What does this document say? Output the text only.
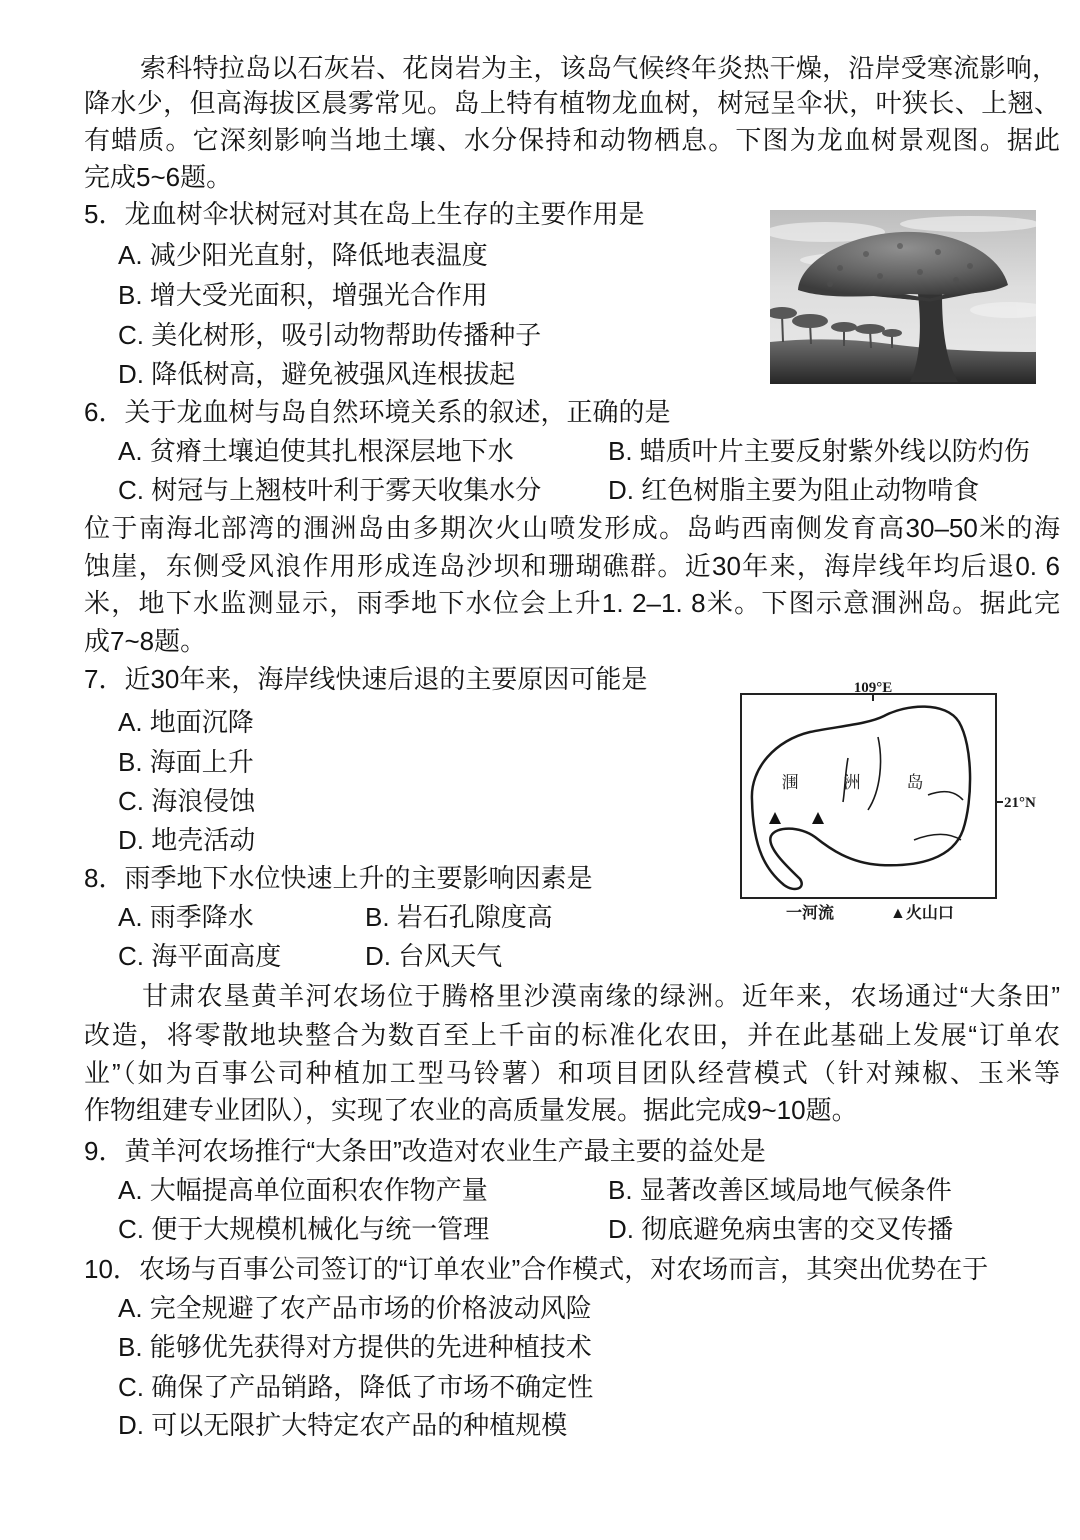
索科特拉岛以石灰岩、花岗岩为主，该岛气候终年炎热干燥，沿岸受寒流影响，
降水少，但高海拔区晨雾常见。岛上特有植物龙血树，树冠呈伞状，叶狭长、上翘、
有蜡质。它深刻影响当地土壤、水分保持和动物栖息。下图为龙血树景观图。据此
完成5~6题。
5．龙血树伞状树冠对其在岛上生存的主要作用是
A. 减少阳光直射，降低地表温度
B. 增大受光面积，增强光合作用
C. 美化树形，吸引动物帮助传播种子
D. 降低树高，避免被强风连根拔起
6．关于龙血树与岛自然环境关系的叙述，正确的是
A. 贫瘠土壤迫使其扎根深层地下水	B. 蜡质叶片主要反射紫外线以防灼伤
C. 树冠与上翘枝叶利于雾天收集水分	D. 红色树脂主要为阻止动物啃食
位于南海北部湾的涠洲岛由多期次火山喷发形成。岛屿西南侧发育高30–50米的海
蚀崖，东侧受风浪作用形成连岛沙坝和珊瑚礁群。近30年来，海岸线年均后退0. 6
米，地下水监测显示，雨季地下水位会上升1. 2–1. 8米。下图示意涠洲岛。据此完
成7~8题。
7．近30年来，海岸线快速后退的主要原因可能是
A. 地面沉降
B. 海面上升
C. 海浪侵蚀
D. 地壳活动
109°E
21°N
涠	洲	岛
一河流	▲火山口
8．雨季地下水位快速上升的主要影响因素是
A. 雨季降水	B. 岩石孔隙度高
C. 海平面高度	D. 台风天气
甘肃农垦黄羊河农场位于腾格里沙漠南缘的绿洲。近年来，农场通过“大条田”
改造，将零散地块整合为数百至上千亩的标准化农田，并在此基础上发展“订单农
业”（如为百事公司种植加工型马铃薯）和项目团队经营模式（针对辣椒、玉米等
作物组建专业团队），实现了农业的高质量发展。据此完成9~10题。
9．黄羊河农场推行“大条田”改造对农业生产最主要的益处是
A. 大幅提高单位面积农作物产量	B. 显著改善区域局地气候条件
C. 便于大规模机械化与统一管理	D. 彻底避免病虫害的交叉传播
10．农场与百事公司签订的“订单农业”合作模式，对农场而言，其突出优势在于
A. 完全规避了农产品市场的价格波动风险
B. 能够优先获得对方提供的先进种植技术
C. 确保了产品销路，降低了市场不确定性
D. 可以无限扩大特定农产品的种植规模
